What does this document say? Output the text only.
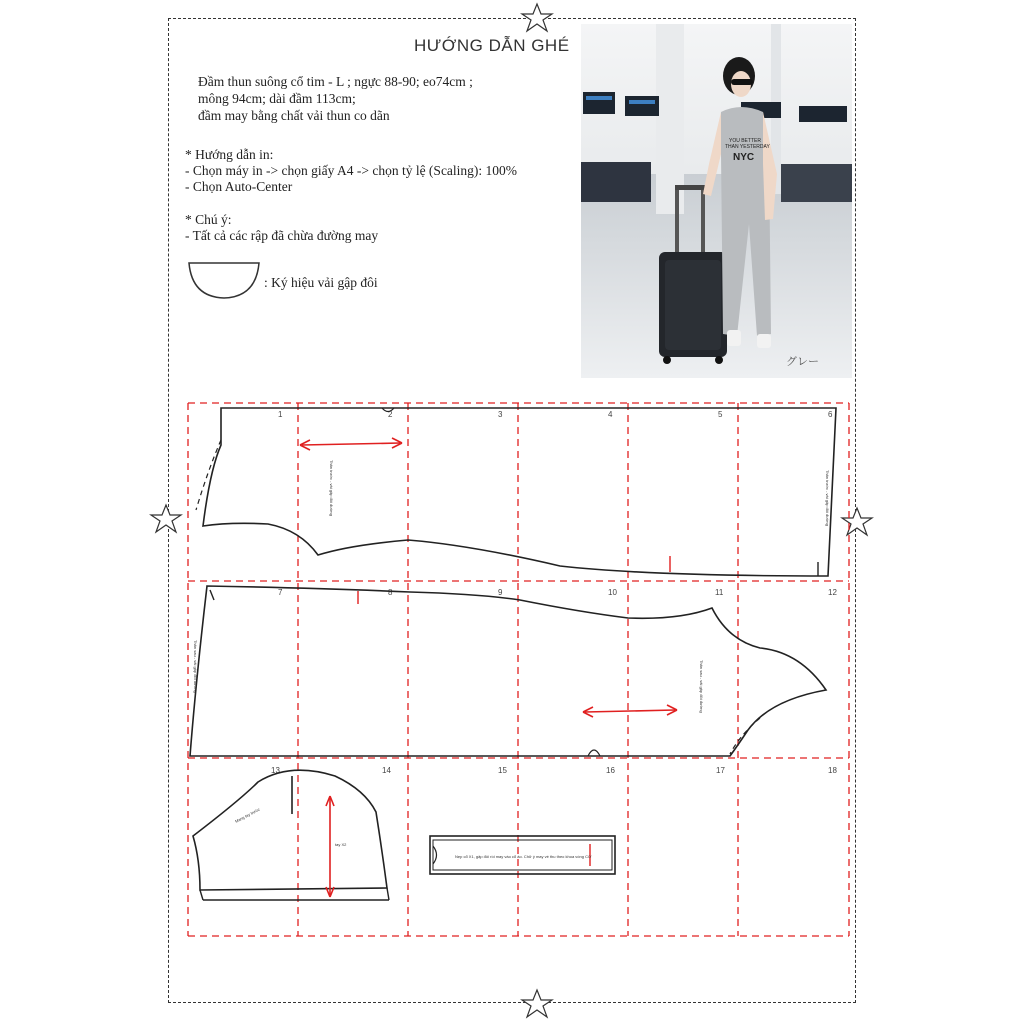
HƯỚNG DẪN GHÉ
Đầm thun suông cổ tim - L ; ngực 88-90; eo74cm ;
mông 94cm; dài đầm 113cm;
đầm may bằng chất vải thun co dãn
* Hướng dẫn in:
- Chọn máy in -> chọn giấy A4 -> chọn tỷ lệ (Scaling): 100%
- Chọn Auto-Center
* Chú ý:
- Tất cả các rập đã chừa đường may
: Ký hiệu vải gập đôi
YOU BETTER
THAN YESTERDAY
NYC
グレー
1	2	3	4	5	6
7	8	9	10	11	12
13	14	15	16	17	18
Thân trước - vải gập đôi đường	Thân trước - vải gập đôi đường
Thân sau - vải gập đôi đường
Thân sau - vải gập đôi đường
Mang tay trước
tay X2
Nẹp cổ X1, gập đôi rồi may vào cổ áo. Chữ ý may vé thu theo khoa vòng CƠ
